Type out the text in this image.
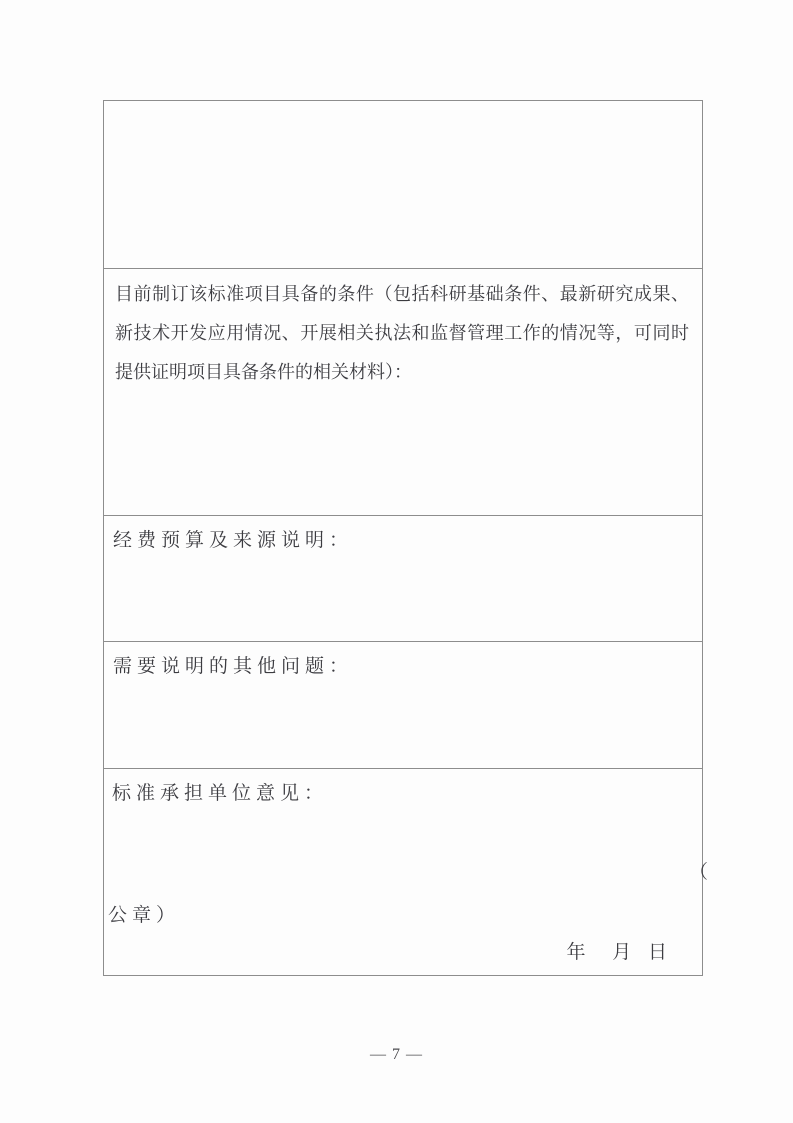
目前制订该标准项目具备的条件（包括科研基础条件、最新研究成果、
新技术开发应用情况、开展相关执法和监督管理工作的情况等，可同时
提供证明项目具备条件的相关材料）：
经费预算及来源说明：
需要说明的其他问题：
标准承担单位意见：
（
公章）
年 月 日
— 7 —
